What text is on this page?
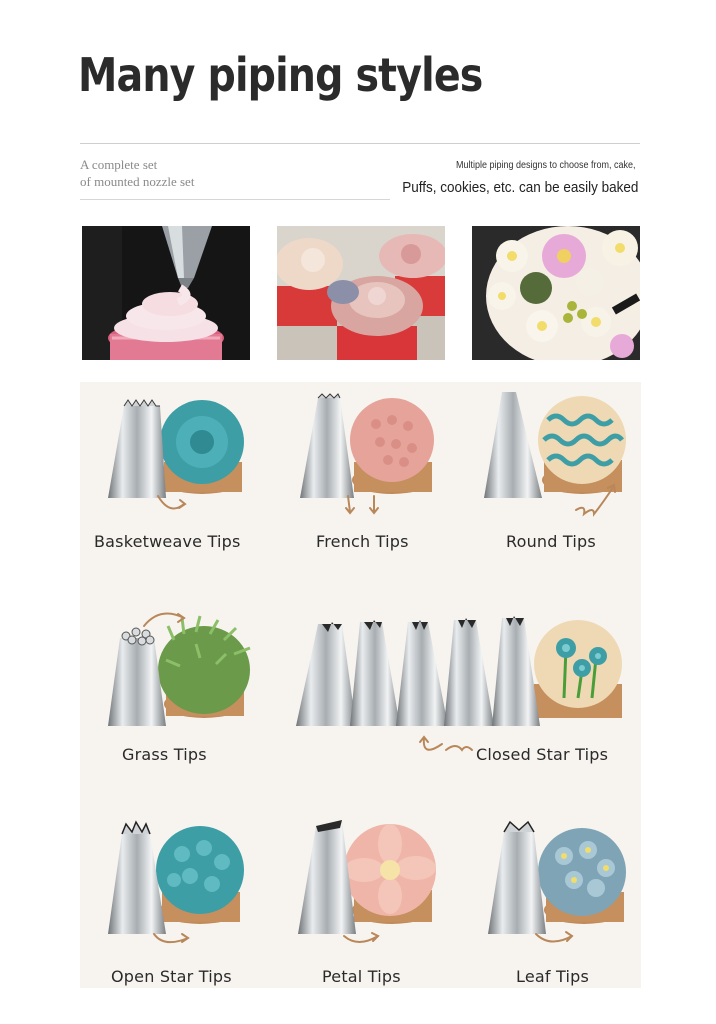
Many piping styles
A complete set
of mounted nozzle set
Multiple piping designs to choose from, cake,
Puffs, cookies, etc. can be easily baked
Basketweave Tips	French Tips	Round Tips
Grass Tips	Closed Star Tips
Open Star Tips	Petal Tips	Leaf Tips
